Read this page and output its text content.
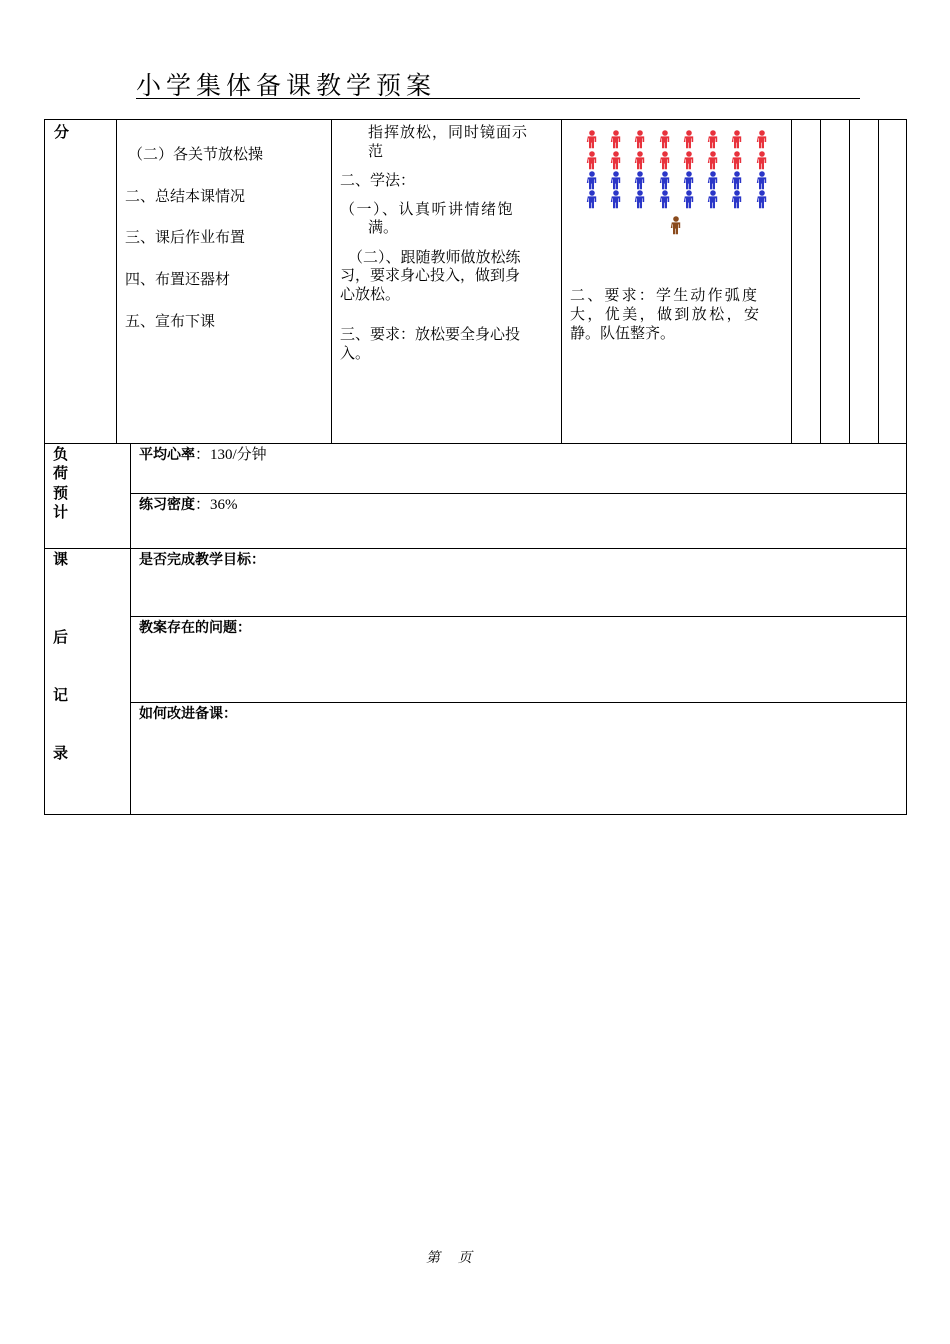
小学集体备课教学预案
分
（二）各关节放松操
二、总结本课情况
三、课后作业布置
四、布置还器材
五、宣布下课
指挥放松，同时镜面示
范
二、学法：
（一）、认真听讲情绪饱
满。
（二）、跟随教师做放松练
习，要求身心投入，做到身
心放松。
三、要求：放松要全身心投
入。
二、要求：学生动作弧度
大，优美，做到放松，安
静。队伍整齐。
负
荷
预
计
平均心率：130/分钟
练习密度：36%
课
后
记
录
是否完成教学目标：
教案存在的问题：
如何改进备课：
第    页
